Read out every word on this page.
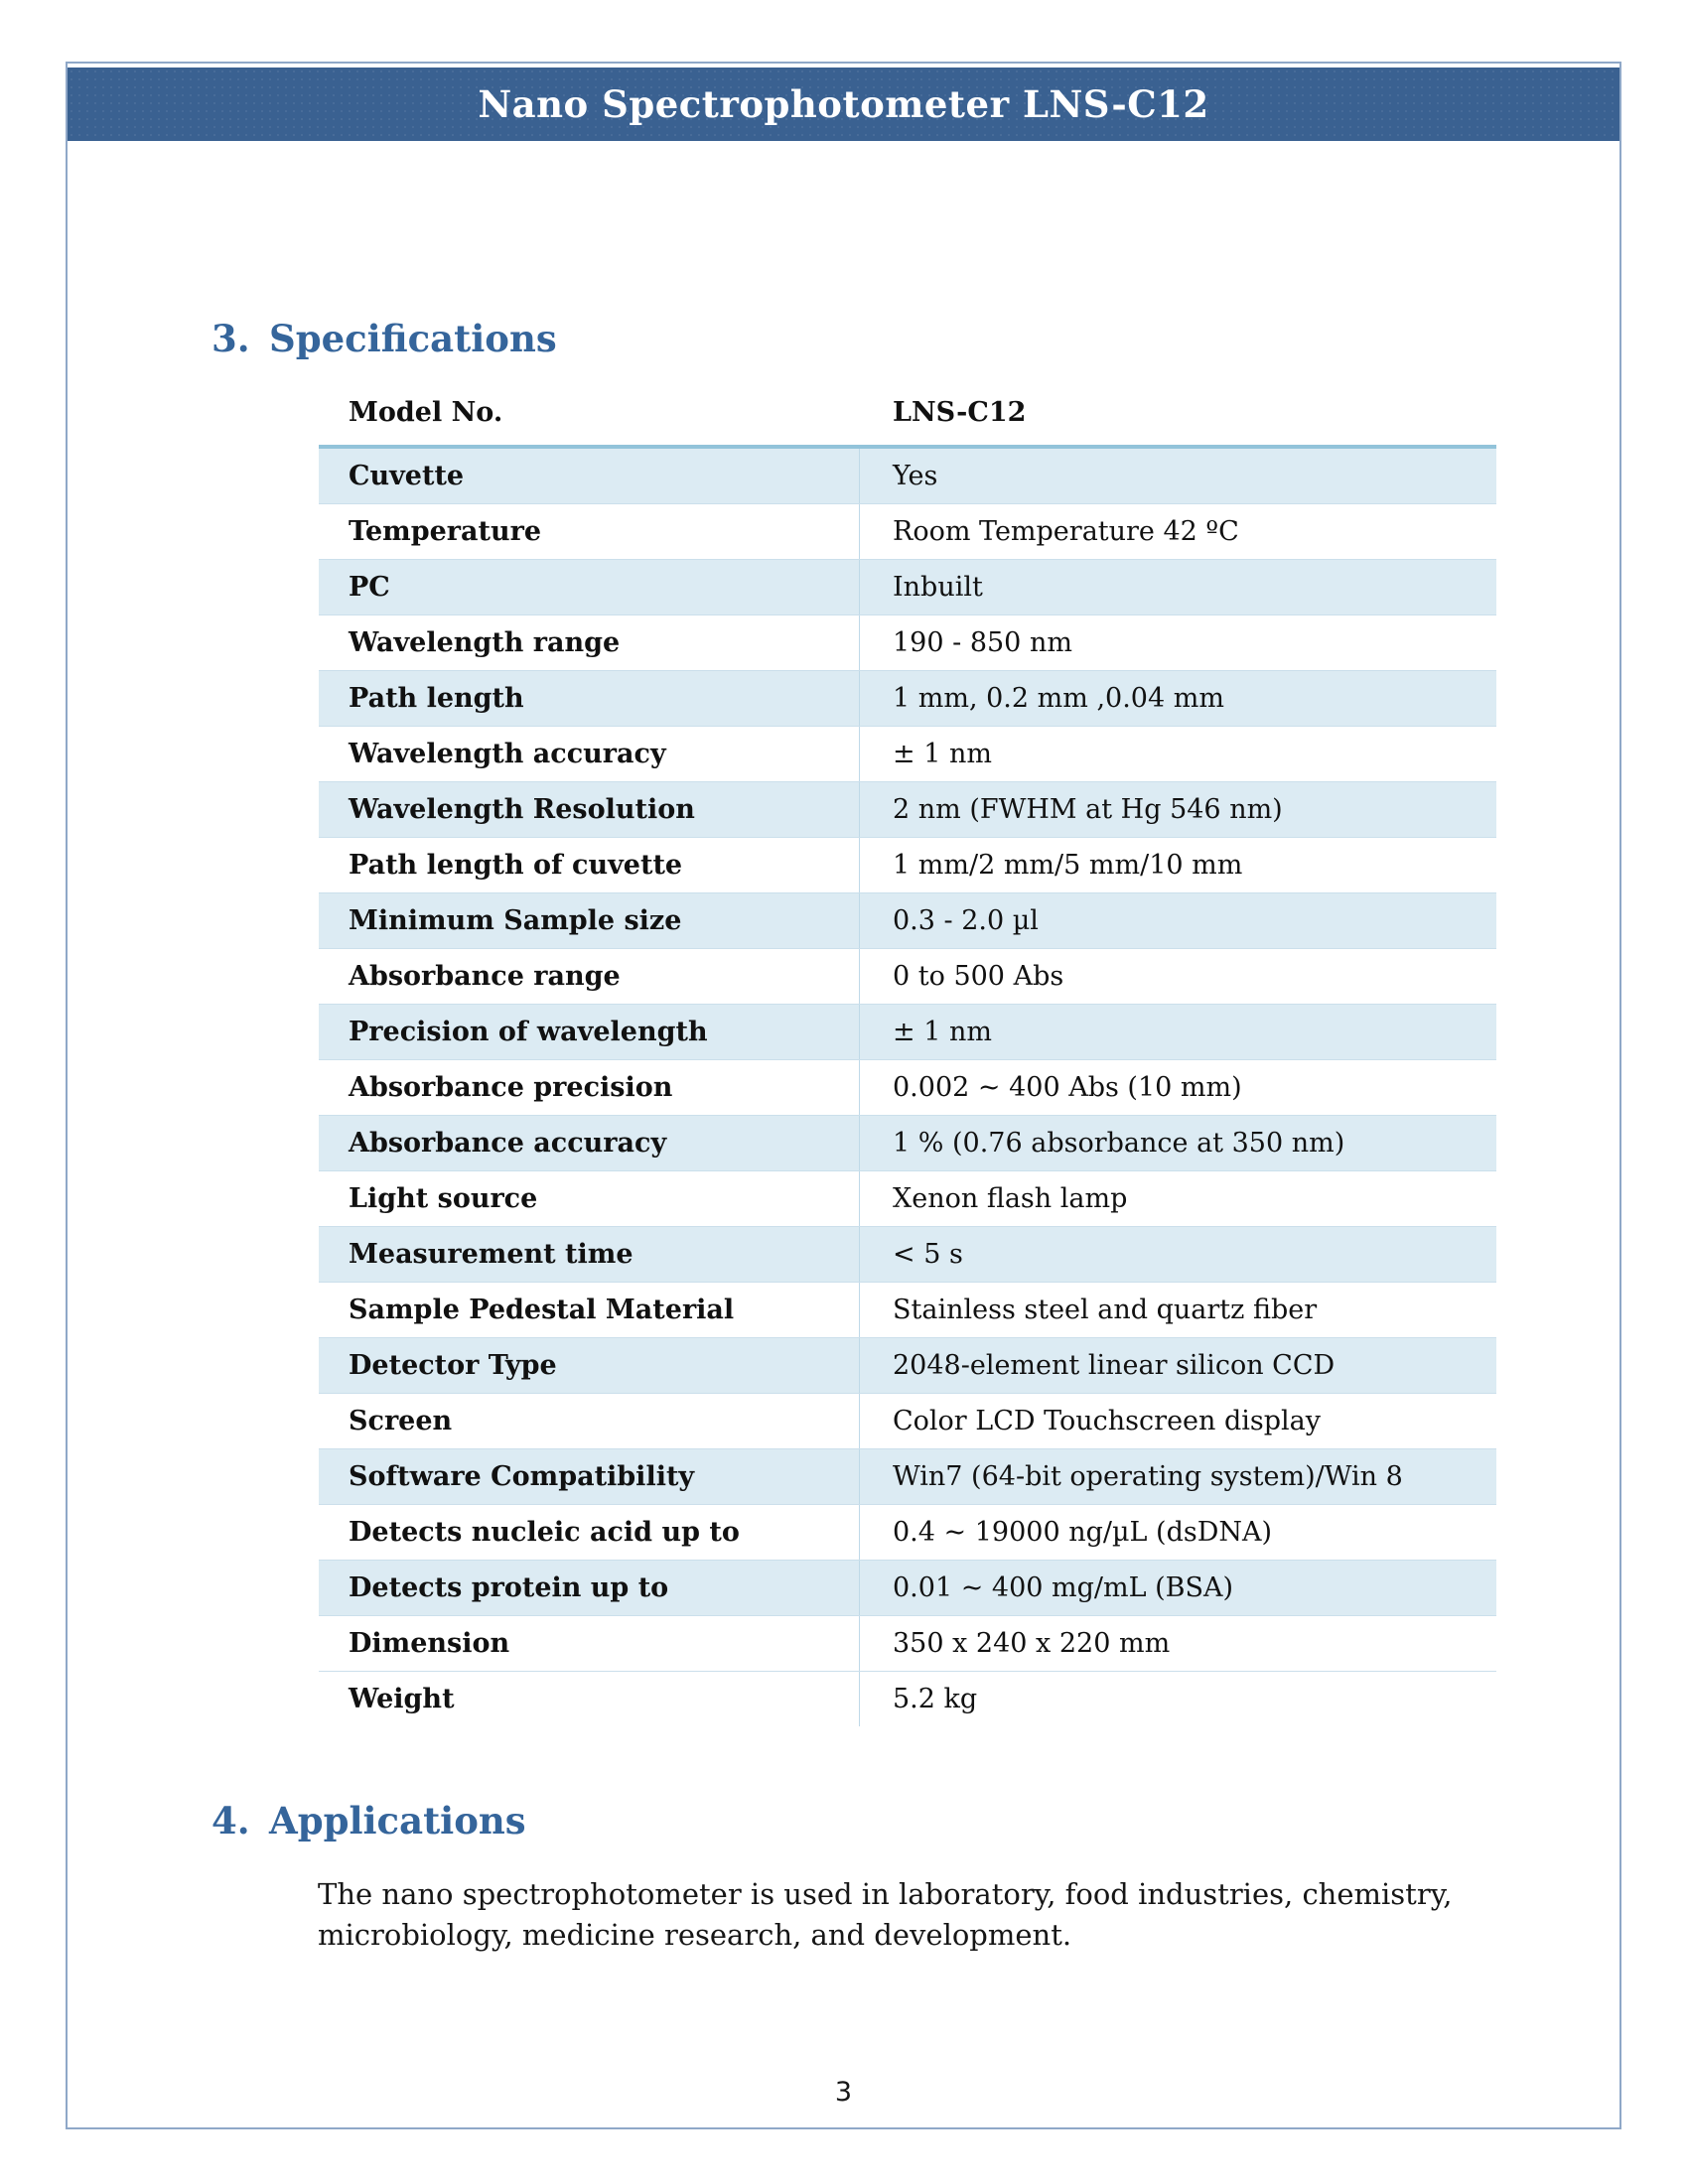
Nano Spectrophotometer LNS-C12
3. Specifications
Model No.	LNS-C12
Cuvette	Yes
Temperature	Room Temperature 42 ºC
PC	Inbuilt
Wavelength range	190 - 850 nm
Path length	1 mm, 0.2 mm ,0.04 mm
Wavelength accuracy	± 1 nm
Wavelength Resolution	2 nm (FWHM at Hg 546 nm)
Path length of cuvette	1 mm/2 mm/5 mm/10 mm
Minimum Sample size	0.3 - 2.0 µl
Absorbance range	0 to 500 Abs
Precision of wavelength	± 1 nm
Absorbance precision	0.002 ~ 400 Abs (10 mm)
Absorbance accuracy	1 % (0.76 absorbance at 350 nm)
Light source	Xenon flash lamp
Measurement time	< 5 s
Sample Pedestal Material	Stainless steel and quartz fiber
Detector Type	2048-element linear silicon CCD
Screen	Color LCD Touchscreen display
Software Compatibility	Win7 (64-bit operating system)/Win 8
Detects nucleic acid up to	0.4 ~ 19000 ng/µL (dsDNA)
Detects protein up to	0.01 ~ 400 mg/mL (BSA)
Dimension	350 x 240 x 220 mm
Weight	5.2 kg
4. Applications
The nano spectrophotometer is used in laboratory, food industries, chemistry, microbiology, medicine research, and development.
3
